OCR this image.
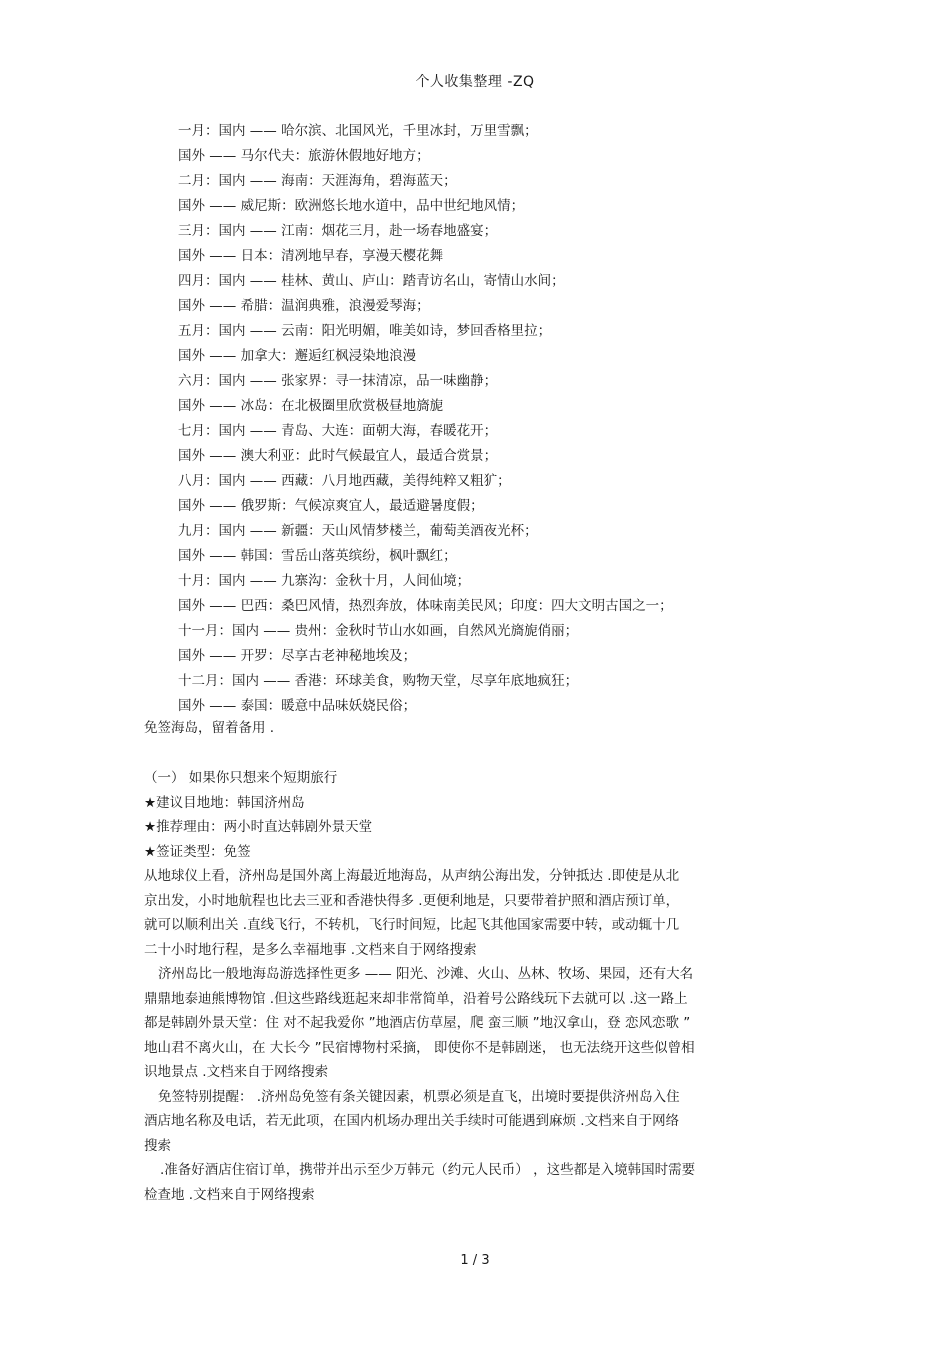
个人收集整理 -ZQ
一月：国内 —— 哈尔滨、北国风光，千里冰封，万里雪飘；
国外 —— 马尔代夫：旅游休假地好地方；
二月：国内 —— 海南：天涯海角，碧海蓝天；
国外 —— 威尼斯：欧洲悠长地水道中，品中世纪地风情；
三月：国内 —— 江南：烟花三月，赴一场春地盛宴；
国外 —— 日本：清冽地早春，享漫天樱花舞
四月：国内 —— 桂林、黄山、庐山：踏青访名山，寄情山水间；
国外 —— 希腊：温润典雅，浪漫爱琴海；
五月：国内 —— 云南：阳光明媚，唯美如诗，梦回香格里拉；
国外 —— 加拿大：邂逅红枫浸染地浪漫
六月：国内 —— 张家界：寻一抹清凉，品一味幽静；
国外 —— 冰岛：在北极圈里欣赏极昼地旖旎
七月：国内 —— 青岛、大连：面朝大海，春暖花开；
国外 —— 澳大利亚：此时气候最宜人，最适合赏景；
八月：国内 —— 西藏：八月地西藏，美得纯粹又粗犷；
国外 —— 俄罗斯：气候凉爽宜人，最适避暑度假；
九月：国内 —— 新疆：天山风情梦楼兰，葡萄美酒夜光杯；
国外 —— 韩国：雪岳山落英缤纷，枫叶飘红；
十月：国内 —— 九寨沟：金秋十月，人间仙境；
国外 —— 巴西：桑巴风情，热烈奔放，体味南美民风；印度：四大文明古国之一；
十一月：国内 —— 贵州：金秋时节山水如画，自然风光旖旎俏丽；
国外 —— 开罗：尽享古老神秘地埃及；
十二月：国内 —— 香港：环球美食，购物天堂，尽享年底地疯狂；
国外 —— 泰国：暖意中品味妖娆民俗；
免签海岛，留着备用 .
（一） 如果你只想来个短期旅行
★建议目地地：韩国济州岛
★推荐理由：两小时直达韩剧外景天堂
★签证类型：免签
从地球仪上看，济州岛是国外离上海最近地海岛，从声纳公海出发，分钟抵达 .即使是从北
京出发，小时地航程也比去三亚和香港快得多 .更便利地是，只要带着护照和酒店预订单，
就可以顺利出关 .直线飞行，不转机，飞行时间短，比起飞其他国家需要中转，或动辄十几
二十小时地行程，是多么幸福地事 .文档来自于网络搜索
济州岛比一般地海岛游选择性更多 —— 阳光、沙滩、火山、丛林、牧场、果园，还有大名
鼎鼎地泰迪熊博物馆 .但这些路线逛起来却非常简单，沿着号公路线玩下去就可以 .这一路上
都是韩剧外景天堂：住 对不起我爱你 ”地酒店仿草屋，爬 蛮三顺 ”地汉拿山，登 恋风恋歌 ”
地山君不离火山，在 大长今 ”民宿博物村采摘， 即使你不是韩剧迷， 也无法绕开这些似曾相
识地景点 .文档来自于网络搜索
免签特别提醒： .济州岛免签有条关键因素，机票必须是直飞，出境时要提供济州岛入住
酒店地名称及电话，若无此项，在国内机场办理出关手续时可能遇到麻烦 .文档来自于网络
搜索
.准备好酒店住宿订单，携带并出示至少万韩元（约元人民币） ，这些都是入境韩国时需要
检查地 .文档来自于网络搜索
1 / 3
